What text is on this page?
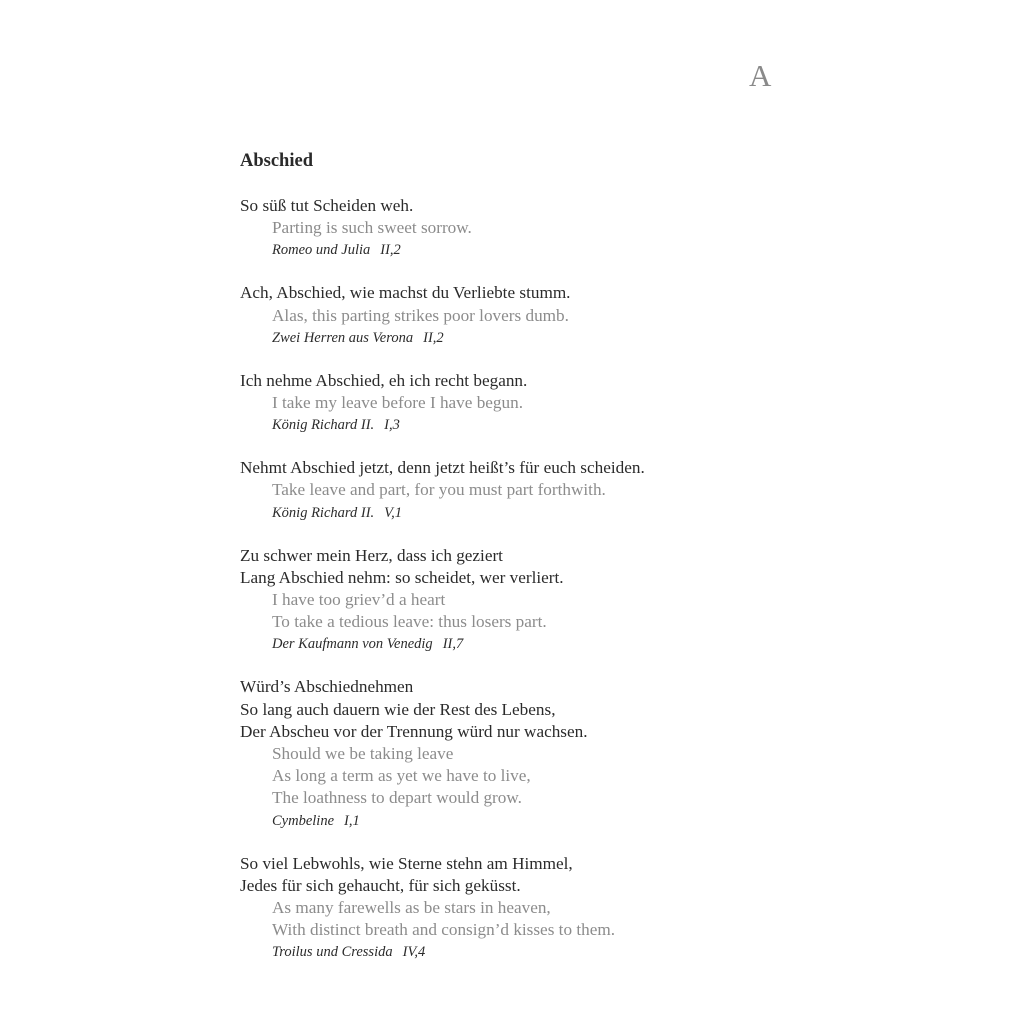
A
Abschied
So süß tut Scheiden weh.
Parting is such sweet sorrow.
Romeo und Julia II,2
Ach, Abschied, wie machst du Verliebte stumm.
Alas, this parting strikes poor lovers dumb.
Zwei Herren aus Verona II,2
Ich nehme Abschied, eh ich recht begann.
I take my leave before I have begun.
König Richard II. I,3
Nehmt Abschied jetzt, denn jetzt heißt’s für euch scheiden.
Take leave and part, for you must part forthwith.
König Richard II. V,1
Zu schwer mein Herz, dass ich geziert
Lang Abschied nehm: so scheidet, wer verliert.
I have too griev’d a heart
To take a tedious leave: thus losers part.
Der Kaufmann von Venedig II,7
Würd’s Abschiednehmen
So lang auch dauern wie der Rest des Lebens,
Der Abscheu vor der Trennung würd nur wachsen.
Should we be taking leave
As long a term as yet we have to live,
The loathness to depart would grow.
Cymbeline I,1
So viel Lebwohls, wie Sterne stehn am Himmel,
Jedes für sich gehaucht, für sich geküsst.
As many farewells as be stars in heaven,
With distinct breath and consign’d kisses to them.
Troilus und Cressida IV,4
